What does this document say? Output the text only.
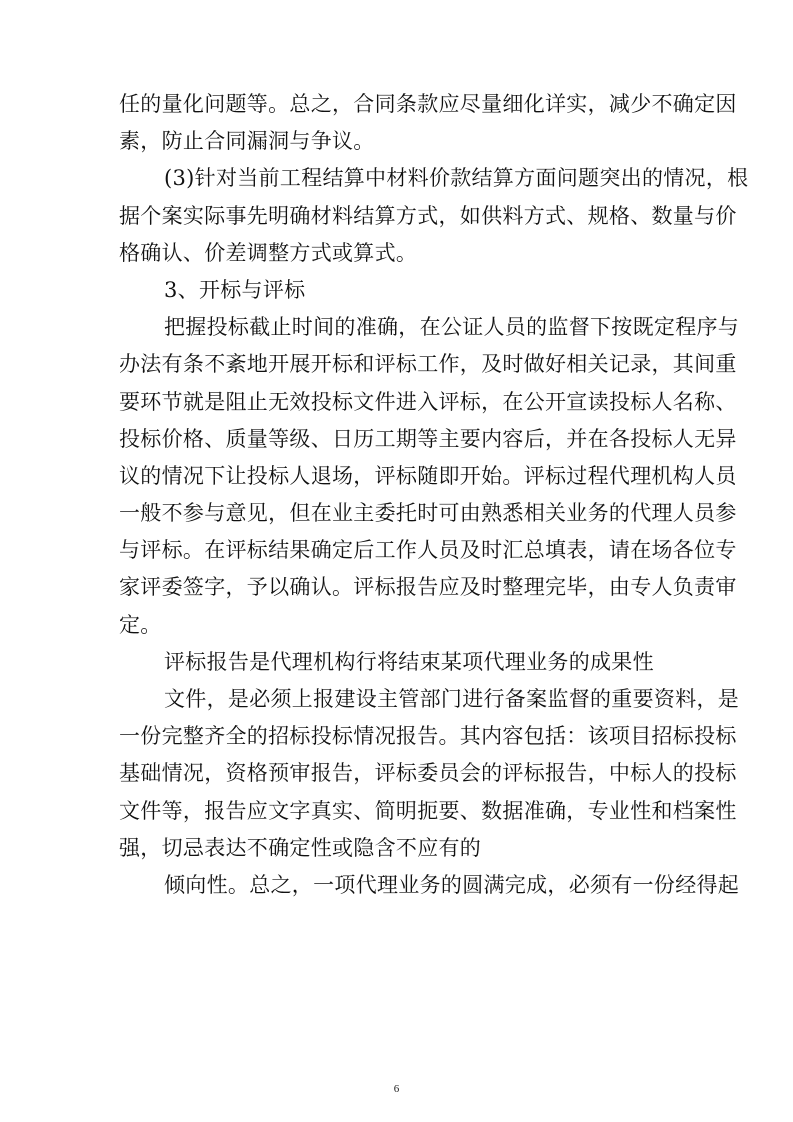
任的量化问题等。总之，合同条款应尽量细化详实，减少不确定因
素，防止合同漏洞与争议。
(3)针对当前工程结算中材料价款结算方面问题突出的情况，根
据个案实际事先明确材料结算方式，如供料方式、规格、数量与价
格确认、价差调整方式或算式。
3、开标与评标
把握投标截止时间的准确，在公证人员的监督下按既定程序与
办法有条不紊地开展开标和评标工作，及时做好相关记录，其间重
要环节就是阻止无效投标文件进入评标，在公开宣读投标人名称、
投标价格、质量等级、日历工期等主要内容后，并在各投标人无异
议的情况下让投标人退场，评标随即开始。评标过程代理机构人员
一般不参与意见，但在业主委托时可由熟悉相关业务的代理人员参
与评标。在评标结果确定后工作人员及时汇总填表，请在场各位专
家评委签字，予以确认。评标报告应及时整理完毕，由专人负责审
定。
评标报告是代理机构行将结束某项代理业务的成果性
文件，是必须上报建设主管部门进行备案监督的重要资料，是
一份完整齐全的招标投标情况报告。其内容包括：该项目招标投标
基础情况，资格预审报告，评标委员会的评标报告，中标人的投标
文件等，报告应文字真实、简明扼要、数据准确，专业性和档案性
强，切忌表达不确定性或隐含不应有的
倾向性。总之，一项代理业务的圆满完成，必须有一份经得起
6
